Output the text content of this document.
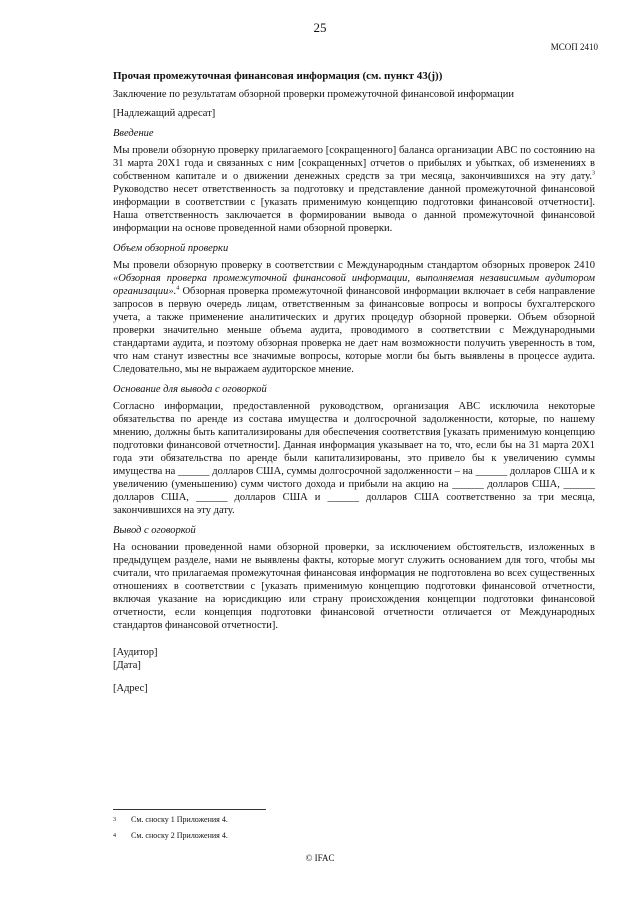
25
МСОП 2410

Прочая промежуточная финансовая информация (см. пункт 43(j))

Заключение по результатам обзорной проверки промежуточной финансовой информации

[Надлежащий адресат]

Введение

Мы провели обзорную проверку прилагаемого [сокращенного] баланса организации АВС по состоянию на 31 марта 20Х1 года и связанных с ним [сокращенных] отчетов о прибылях и убытках, об изменениях в собственном капитале и о движении денежных средств за три месяца, закончившихся на эту дату.$^3$ Руководство несет ответственность за подготовку и представление данной промежуточной финансовой информации в соответствии с [указать применимую концепцию подготовки финансовой отчетности]. Наша ответственность заключается в формировании вывода о данной промежуточной финансовой информации на основе проведенной нами обзорной проверки.

Объем обзорной проверки

Мы провели обзорную проверку в соответствии с Международным стандартом обзорных проверок 2410 «Обзорная проверка промежуточной финансовой информации, выполняемая независимым аудитором организации».$^4$ Обзорная проверка промежуточной финансовой информации включает в себя направление запросов в первую очередь лицам, ответственным за финансовые вопросы и вопросы бухгалтерского учета, а также применение аналитических и других процедур обзорной проверки. Объем обзорной проверки значительно меньше объема аудита, проводимого в соответствии с Международными стандартами аудита, и поэтому обзорная проверка не дает нам возможности получить уверенность в том, что нам станут известны все значимые вопросы, которые могли бы быть выявлены в процессе аудита. Следовательно, мы не выражаем аудиторское мнение.

Основание для вывода с оговоркой

Согласно информации, предоставленной руководством, организация АВС исключила некоторые обязательства по аренде из состава имущества и долгосрочной задолженности, которые, по нашему мнению, должны быть капитализированы для обеспечения соответствия [указать применимую концепцию подготовки финансовой отчетности]. Данная информация указывает на то, что, если бы на 31 марта 20Х1 года эти обязательства по аренде были капитализированы, это привело бы к увеличению суммы имущества на ______ долларов США, суммы долгосрочной задолженности – на ______ долларов США и к увеличению (уменьшению) сумм чистого дохода и прибыли на акцию на ______ долларов США, ______ долларов США, ______ долларов США и ______ долларов США соответственно за три месяца, закончившихся на эту дату.

Вывод с оговоркой

На основании проведенной нами обзорной проверки, за исключением обстоятельств, изложенных в предыдущем разделе, нами не выявлены факты, которые могут служить основанием для того, чтобы мы считали, что прилагаемая промежуточная финансовая информация не подготовлена во всех существенных отношениях в соответствии с [указать применимую концепцию подготовки финансовой отчетности, включая указание на юрисдикцию или страну происхождения концепции подготовки финансовой отчетности, если концепция подготовки финансовой отчетности отличается от Международных стандартов финансовой отчетности].

[Аудитор]

[Дата]

[Адрес]

3	См. сноску 1 Приложения 4.

4	См. сноску 2 Приложения 4.

© IFAC
